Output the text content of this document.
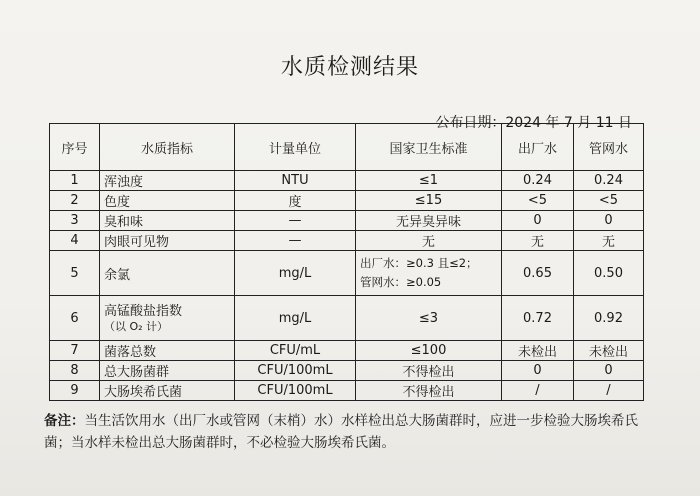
水质检测结果
公布日期：2024 年 7 月 11 日
序号	水质指标	计量单位	国家卫生标准	出厂水	管网水
1	浑浊度	NTU	≤1	0.24	0.24
2	色度	度	≤15	<5	<5
3	臭和味	—	无异臭异味	0	0
4	肉眼可见物	—	无	无	无
5	余氯	mg/L	出厂水：≥0.3 且≤2；
管网水：≥0.05	0.65	0.50
6	高锰酸盐指数
（以 O₂ 计）	mg/L	≤3	0.72	0.92
7	菌落总数	CFU/mL	≤100	未检出	未检出
8	总大肠菌群	CFU/100mL	不得检出	0	0
9	大肠埃希氏菌	CFU/100mL	不得检出	/	/
备注：当生活饮用水（出厂水或管网（末梢）水）水样检出总大肠菌群时，应进一步检验大肠埃希氏菌；当水样未检出总大肠菌群时，不必检验大肠埃希氏菌。
